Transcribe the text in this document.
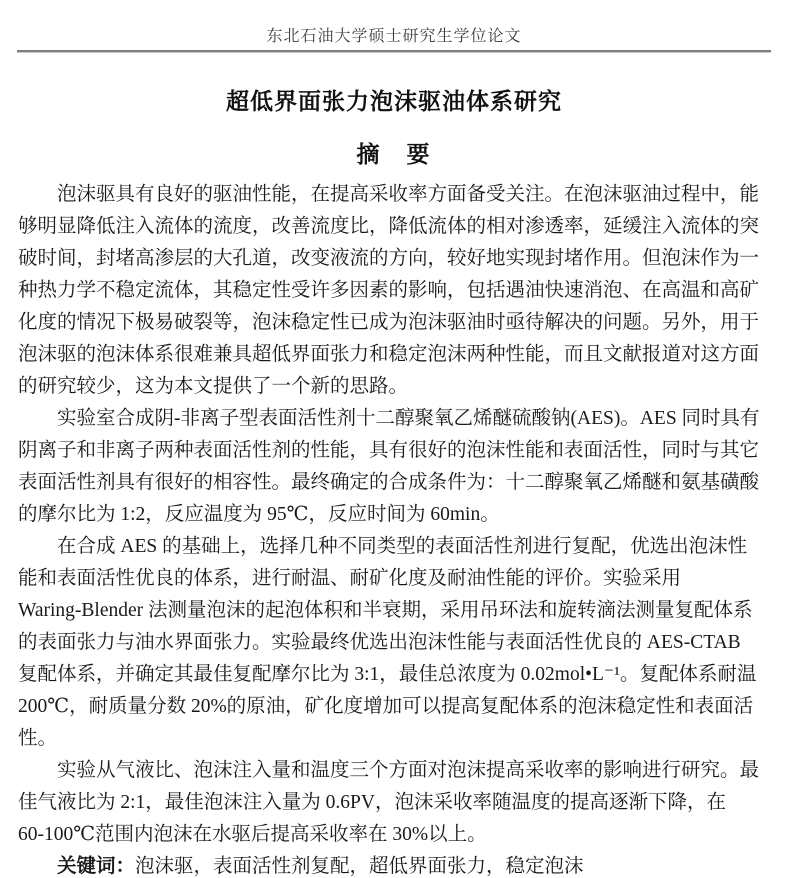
东北石油大学硕士研究生学位论文
超低界面张力泡沫驱油体系研究
摘　要
泡沫驱具有良好的驱油性能，在提高采收率方面备受关注。在泡沫驱油过程中，能
够明显降低注入流体的流度，改善流度比，降低流体的相对渗透率，延缓注入流体的突
破时间，封堵高渗层的大孔道，改变液流的方向，较好地实现封堵作用。但泡沫作为一
种热力学不稳定流体，其稳定性受许多因素的影响，包括遇油快速消泡、在高温和高矿
化度的情况下极易破裂等，泡沫稳定性已成为泡沫驱油时亟待解决的问题。另外，用于
泡沫驱的泡沫体系很难兼具超低界面张力和稳定泡沫两种性能，而且文献报道对这方面
的研究较少，这为本文提供了一个新的思路。
实验室合成阴-非离子型表面活性剂十二醇聚氧乙烯醚硫酸钠(AES)。AES 同时具有
阴离子和非离子两种表面活性剂的性能，具有很好的泡沫性能和表面活性，同时与其它
表面活性剂具有很好的相容性。最终确定的合成条件为：十二醇聚氧乙烯醚和氨基磺酸
的摩尔比为 1:2，反应温度为 95℃，反应时间为 60min。
在合成 AES 的基础上，选择几种不同类型的表面活性剂进行复配，优选出泡沫性
能和表面活性优良的体系，进行耐温、耐矿化度及耐油性能的评价。实验采用
Waring-Blender 法测量泡沫的起泡体积和半衰期，采用吊环法和旋转滴法测量复配体系
的表面张力与油水界面张力。实验最终优选出泡沫性能与表面活性优良的 AES-CTAB
复配体系，并确定其最佳复配摩尔比为 3:1，最佳总浓度为 0.02mol•L⁻¹。复配体系耐温
200℃，耐质量分数 20%的原油，矿化度增加可以提高复配体系的泡沫稳定性和表面活
性。
实验从气液比、泡沫注入量和温度三个方面对泡沫提高采收率的影响进行研究。最
佳气液比为 2:1，最佳泡沫注入量为 0.6PV，泡沫采收率随温度的提高逐渐下降，在
60-100℃范围内泡沫在水驱后提高采收率在 30%以上。
关键词：泡沫驱，表面活性剂复配，超低界面张力，稳定泡沫
